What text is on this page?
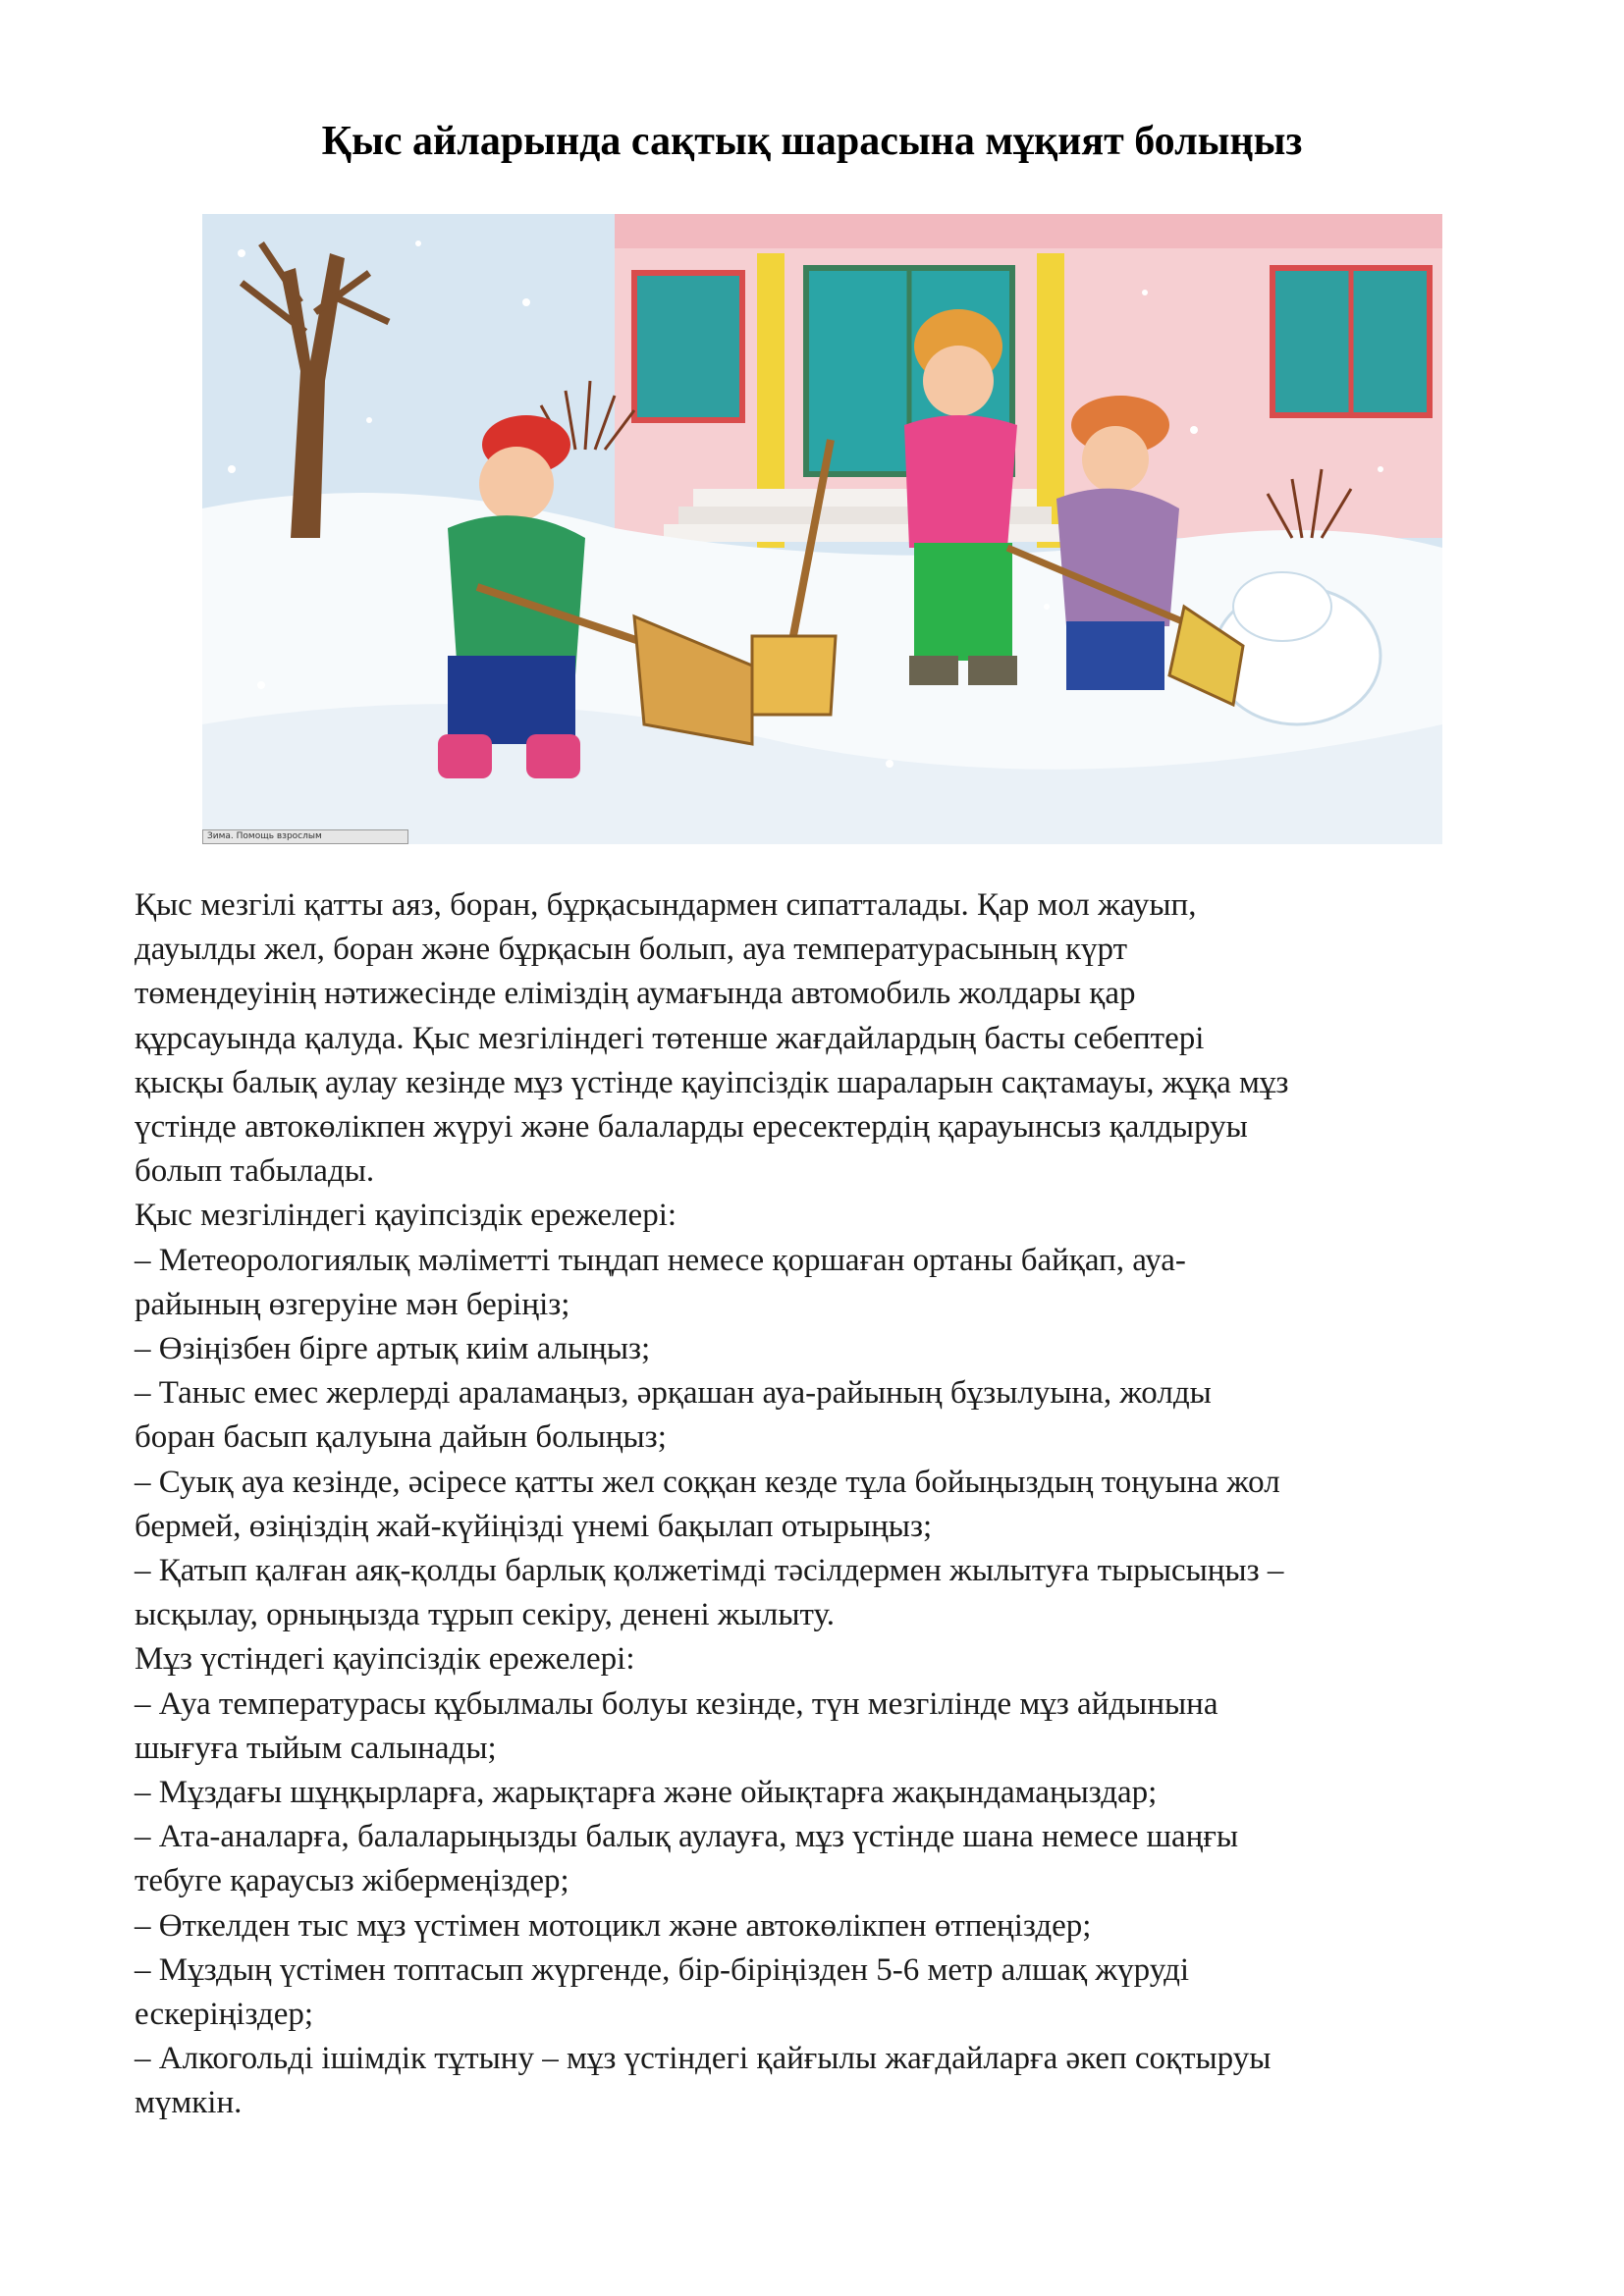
Қыс айларында сақтық шарасына мұқият болыңыз
Зима. Помощь взрослым
Қыс мезгілі қатты аяз, боран, бұрқасындармен сипатталады. Қар мол жауып,
дауылды жел, боран және бұрқасын болып, ауа температурасының күрт
төмендеуінің нәтижесінде еліміздің аумағында автомобиль жолдары қар
құрсауында қалуда. Қыс мезгіліндегі төтенше жағдайлардың басты себептері
қысқы балық аулау кезінде мұз үстінде қауіпсіздік шараларын сақтамауы, жұқа мұз
үстінде автокөлікпен жүруі және балаларды ересектердің қарауынсыз қалдыруы
болып табылады.
Қыс мезгіліндегі қауіпсіздік ережелері:
– Метеорологиялық мәліметті тыңдап немесе қоршаған ортаны байқап, ауа-
райының өзгеруіне мән беріңіз;
– Өзіңізбен бірге артық киім алыңыз;
– Таныс емес жерлерді араламаңыз, әрқашан ауа-райының бұзылуына, жолды
боран басып қалуына дайын болыңыз;
– Суық ауа кезінде, әсіресе қатты жел соққан кезде тұла бойыңыздың тоңуына жол
бермей, өзіңіздің жай-күйіңізді үнемі бақылап отырыңыз;
– Қатып қалған аяқ-қолды барлық қолжетімді тәсілдермен жылытуға тырысыңыз –
ысқылау, орныңызда тұрып секіру, денені жылыту.
Мұз үстіндегі қауіпсіздік ережелері:
– Ауа температурасы құбылмалы болуы кезінде, түн мезгілінде мұз айдынына
шығуға тыйым салынады;
– Мұздағы шұңқырларға, жарықтарға және ойықтарға жақындамаңыздар;
– Ата-аналарға, балаларыңызды балық аулауға, мұз үстінде шана немесе шаңғы
тебуге қараусыз жібермеңіздер;
– Өткелден тыс мұз үстімен мотоцикл және автокөлікпен өтпеңіздер;
– Мұздың үстімен топтасып жүргенде, бір-біріңізден 5-6 метр алшақ жүруді
ескеріңіздер;
– Алкогольді ішімдік тұтыну – мұз үстіндегі қайғылы жағдайларға әкеп соқтыруы
мүмкін.
